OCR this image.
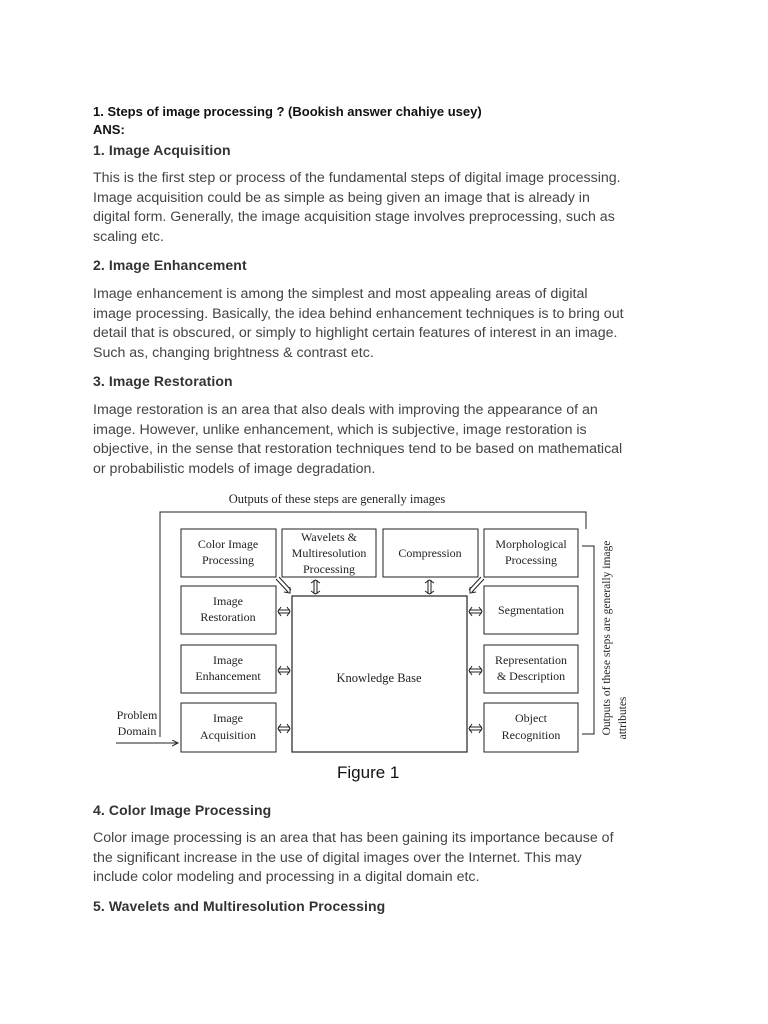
1. Steps of image processing ? (Bookish answer chahiye usey)
ANS:
1. Image Acquisition

This is the first step or process of the fundamental steps of digital image processing.
Image acquisition could be as simple as being given an image that is already in
digital form. Generally, the image acquisition stage involves preprocessing, such as
scaling etc.

2. Image Enhancement

Image enhancement is among the simplest and most appealing areas of digital
image processing. Basically, the idea behind enhancement techniques is to bring out
detail that is obscured, or simply to highlight certain features of interest in an image.
Such as, changing brightness & contrast etc.

3. Image Restoration

Image restoration is an area that also deals with improving the appearance of an
image. However, unlike enhancement, which is subjective, image restoration is
objective, in the sense that restoration techniques tend to be based on mathematical
or probabilistic models of image degradation.

Outputs of these steps are generally images
Color Image
Processing
Wavelets &
Multiresolution
Processing
Compression
Morphological
Processing
Image
Restoration
Image
Enhancement
Image
Acquisition
Knowledge Base
Segmentation
Representation
& Description
Object
Recognition
Problem
Domain	Outputs of these steps are generally image attributes
Figure 1
4. Color Image Processing

Color image processing is an area that has been gaining its importance because of
the significant increase in the use of digital images over the Internet. This may
include color modeling and processing in a digital domain etc.

5. Wavelets and Multiresolution Processing
